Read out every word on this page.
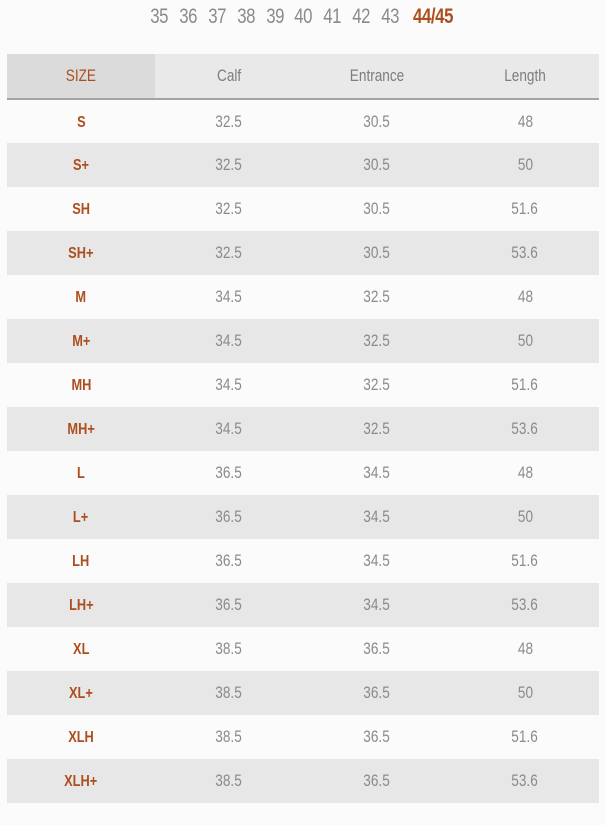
35 36 37 38 39 40 41 42 43 44/45
SIZE	Calf	Entrance	Length
S	32.5	30.5	48
S+	32.5	30.5	50
SH	32.5	30.5	51.6
SH+	32.5	30.5	53.6
M	34.5	32.5	48
M+	34.5	32.5	50
MH	34.5	32.5	51.6
MH+	34.5	32.5	53.6
L	36.5	34.5	48
L+	36.5	34.5	50
LH	36.5	34.5	51.6
LH+	36.5	34.5	53.6
XL	38.5	36.5	48
XL+	38.5	36.5	50
XLH	38.5	36.5	51.6
XLH+	38.5	36.5	53.6
